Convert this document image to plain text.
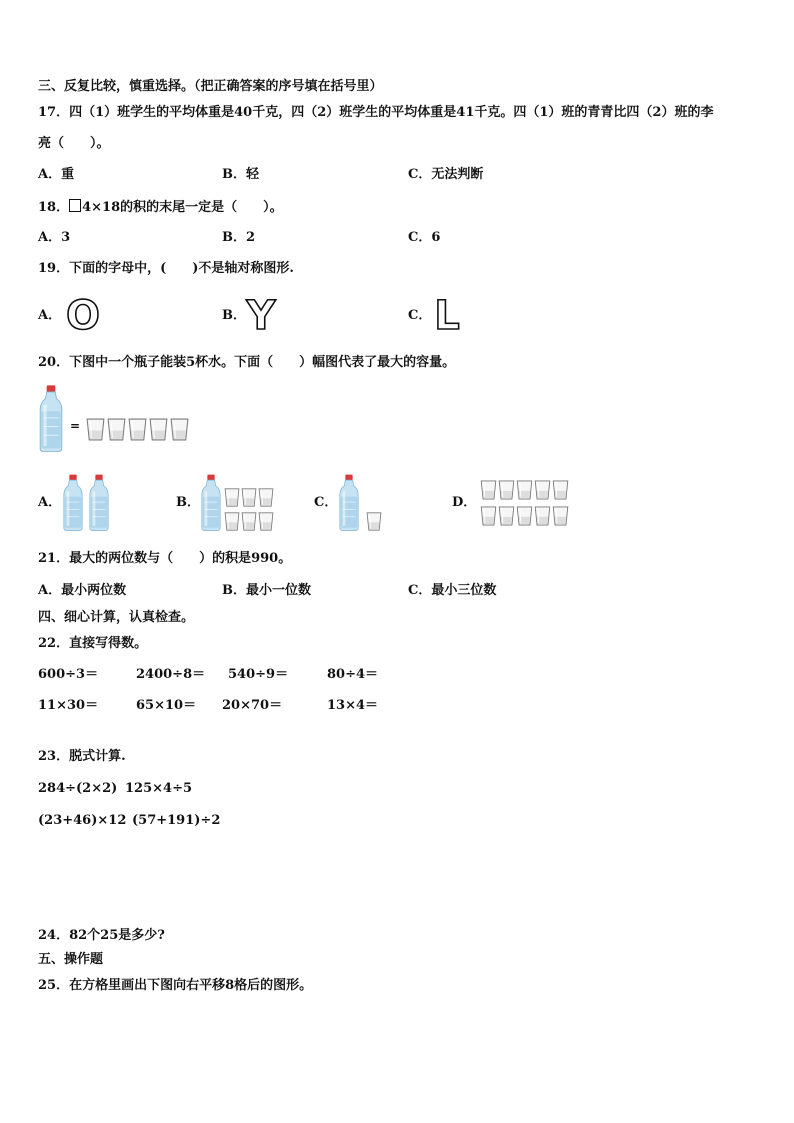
三、反复比较，慎重选择。（把正确答案的序号填在括号里）
17．四（1）班学生的平均体重是40千克，四（2）班学生的平均体重是41千克。四（1）班的青青比四（2）班的李
亮（　　）。
A．重	B．轻	C．无法判断
18． 4×18的积的末尾一定是（　　）。
A．3	B．2	C．6
19．下面的字母中，(　　)不是轴对称图形.
A．	B．	C．
O	Y	L
20．下图中一个瓶子能装5杯水。下面（　　）幅图代表了最大的容量。
=
A．	B．	C．	D．
21．最大的两位数与（　　）的积是990。
A．最小两位数	B．最小一位数	C．最小三位数
四、细心计算，认真检查。
22．直接写得数。
600÷3＝	2400÷8＝ 540÷9＝	80÷4＝
11×30＝	65×10＝ 20×70＝	13×4＝
23．脱式计算.
284÷(2×2) 125×4÷5
(23+46)×12 (57+191)÷2
24．82个25是多少?
五、操作题
25．在方格里画出下图向右平移8格后的图形。
